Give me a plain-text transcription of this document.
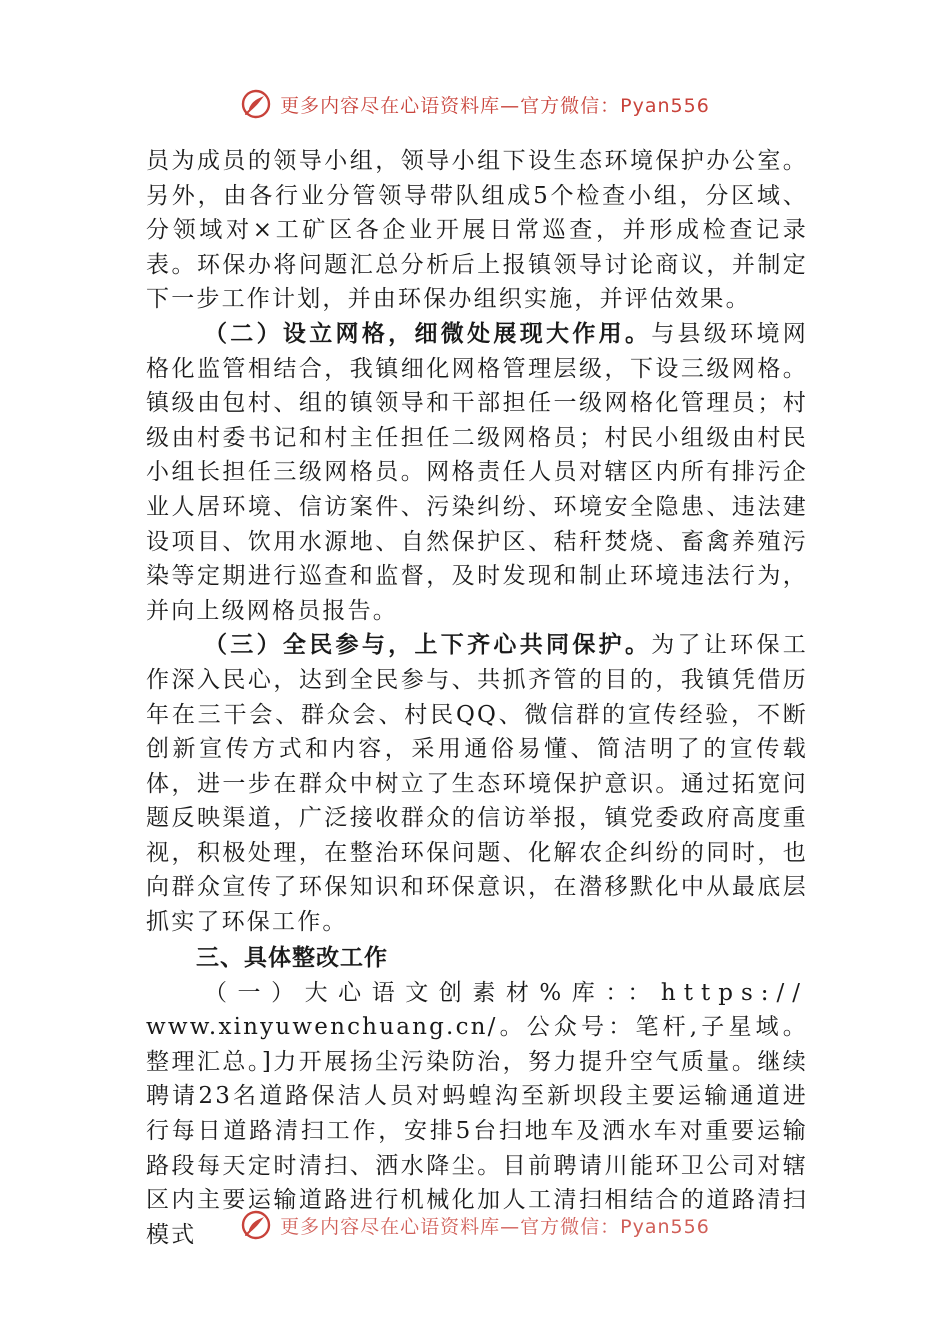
更多内容尽在心语资料库—官方微信：Pyan556

员为成员的领导小组，领导小组下设生态环境保护办公室。另外，由各行业分管领导带队组成5个检查小组，分区域、分领域对×工矿区各企业开展日常巡查，并形成检查记录表。环保办将问题汇总分析后上报镇领导讨论商议，并制定下一步工作计划，并由环保办组织实施，并评估效果。

（二）设立网格，细微处展现大作用。与县级环境网格化监管相结合，我镇细化网格管理层级，下设三级网格。镇级由包村、组的镇领导和干部担任一级网格化管理员；村级由村委书记和村主任担任二级网格员；村民小组级由村民小组长担任三级网格员。网格责任人员对辖区内所有排污企业人居环境、信访案件、污染纠纷、环境安全隐患、违法建设项目、饮用水源地、自然保护区、秸秆焚烧、畜禽养殖污染等定期进行巡查和监督，及时发现和制止环境违法行为，并向上级网格员报告。

（三）全民参与，上下齐心共同保护。为了让环保工作深入民心，达到全民参与、共抓齐管的目的，我镇凭借历年在三干会、群众会、村民QQ、微信群的宣传经验，不断创新宣传方式和内容，采用通俗易懂、简洁明了的宣传载体，进一步在群众中树立了生态环境保护意识。通过拓宽问题反映渠道，广泛接收群众的信访举报，镇党委政府高度重视，积极处理，在整治环保问题、化解农企纠纷的同时，也向群众宣传了环保知识和环保意识，在潜移默化中从最底层抓实了环保工作。

三、具体整改工作

（一）大心语文创素材%库：：https://

www.xinyuwenchuang.cn/。公众号：笔杆,子星域。整理汇总。]力开展扬尘污染防治，努力提升空气质量。继续聘请23名道路保洁人员对蚂蝗沟至新坝段主要运输通道进行每日道路清扫工作，安排5台扫地车及洒水车对重要运输路段每天定时清扫、洒水降尘。目前聘请川能环卫公司对辖区内主要运输道路进行机械化加人工清扫相结合的道路清扫模式	更多内容尽在心语资料库—官方微信：Pyan556
